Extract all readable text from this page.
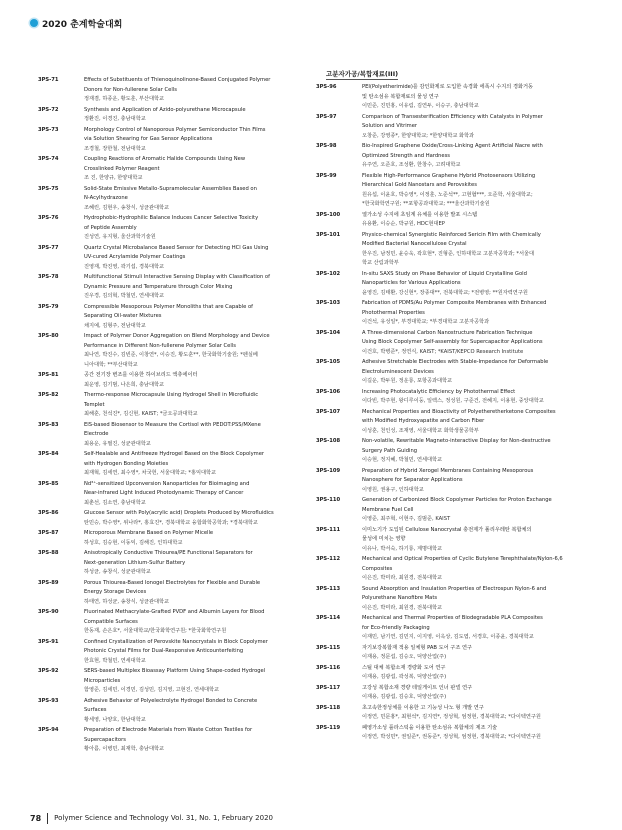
2020 춘계학술대회
3PS-71	Effects of Substituents of Thienoquinolinone-Based Conjugated Polymer
Donors for Non-fullerene Solar Cells
정재겸, 하종운, 황도훈, 부산대학교
3PS-72	Synthesis and Application of Azido-polyurethane Microcapsule
정환진, 이경진, 충남대학교
3PS-73	Morphology Control of Nanoporous Polymer Semiconductor Thin Films
via Solution Shearing for Gas Sensor Applications
조경철, 장한철, 전남대학교
3PS-74	Coupling Reactions of Aromatic Halide Compounds Using New
Crosslinked Polymer Reagent
조 진, 한양규, 한양대학교
3PS-75	Solid-State Emissive Metallo-Supramolecular Assemblies Based on
N-Acylhydrazone
조혜린, 김현우, 송창식, 성균관대학교
3PS-76	Hydrophobic-Hydrophilic Balance Induces Cancer Selective Toxicity
of Peptide Assembly
진성연, 유지형, 울산과학기술원
3PS-77	Quartz Crystal Microbalance Based Sensor for Detecting HCl Gas Using
UV-cured Acrylamide Polymer Coatings
진영재, 박진영, 곽기섭, 경북대학교
3PS-78	Multifunctional Stimuli Interactive Sensing Display with Classification of
Dynamic Pressure and Temperature through Color Mixing
진우경, 김의혁, 박철민, 연세대학교
3PS-79	Compressible Mesoporous Polymer Monoliths that are Capable of
Separating Oil-water Mixtures
채지예, 김형주, 전남대학교
3PS-80	Impact of Polymer Donor Aggregation on Blend Morphology and Device
Performance in Different Non-fullerene Polymer Solar Cells
최나연, 박진수, 김빈준, 이창연*, 이승진, 황도훈**, 한국화학기술원; *펜실베
니아대학; **부산대학교
3PS-81	공간 전기장 변조를 이용한 하이브리드 액츄에이터
최운영, 김기범, 나은희, 충남대학교
3PS-82	Thermo-response Microcapsule Using Hydrogel Shell in Microfluidic
Templet
최해훈, 천석진*, 김신현, KAIST; *금오공과대학교
3PS-83	EIS-based Biosensor to Measure the Cortisol with PEDOT:PSS/MXene
Electrode
최용운, 유필진, 성균관대학교
3PS-84	Self-Healable and Antifreeze Hydrogel Based on the Block Copolymer
with Hydrogen Bonding Moieties
최재혁, 김세연, 최수영*, 차국헌, 서울대학교; *홍익대학교
3PS-85	Nd³⁺-sensitized Upconversion Nanoparticles for Bioimaging and
Near-infrared Light Induced Photodynamic Therapy of Cancer
최춘선, 김소연, 충남대학교
3PS-86	Glucose Sensor with Poly(acrylic acid) Droplets Produced by Microfluidics
탄민승, 박수영*, 위나라*, 홍효진*, 경북대학교 융합화학공학과; *경북대학교
3PS-87	Microporous Membrane Based on Polymer Micelle
하성호, 김승현, 이동익, 김해진, 인하대학교
3PS-88	Anisotropically Conductive Thiourea/PE Functional Separators for
Next-generation Lithium-Sulfur Battery
하성균, 송창식, 성균관대학교
3PS-89	Porous Thiourea-Based Ionogel Electrolytes for Flexible and Durable
Energy Storage Devices
하태연, 하성균, 송창식, 성균관대학교
3PS-90	Fluorinated Methacrylate-Grafted PVDF and Albumin Layers for Blood
Compatible Surfaces
한동재, 손은호*, 서울대학교/한국화학연구원; *한국화학연구원
3PS-91	Confined Crystallization of Perovskite Nanocrystals in Block Copolymer
Photonic Crystal Films for Dual-Responsive Anticounterfeiting
한효현, 박철민, 연세대학교
3PS-92	SERS-based Multiplex Bioassay Platform Using Shape-coded Hydrogel
Microparticles
함영준, 김세민, 이경민, 김성민, 김지영, 고현진, 연세대학교
3PS-93	Adhesive Behavior of Polyelectrolyte Hydrogel Bonded to Concrete
Surfaces
황세영, 나양호, 한남대학교
3PS-94	Preparation of Electrode Materials from Waste Cotton Textiles for
Supercapacitors
황아름, 이병민, 최재학, 충남대학교
고분자가공/복합재료(III)
3PS-96	PEI(Polyetherimide)를 감인화제로 도입한 속경화 에폭시 수지의 경화거동
및 탄소섬유 복합재료의 물성 연구
이민준, 진민홍, 이유림, 김연두, 이승구, 충남대학교
3PS-97	Comparison of Transesterification Efficiency with Catalysts in Polymer
Solution and Vitrimer
오창준, 강영종*, 한양대학교; *한양대학교 화학과
3PS-98	Bio-Inspired Graphene Oxide/Cross-Linking Agent Artificial Nacre with
Optimized Strength and Hardness
유주연, 오준호, 조성환, 한창수, 고려대학교
3PS-99	Flexible High-Performance Graphene Hybrid Photosensors Utilizing
Hierarchical Gold Nanostars and Perovskites
원유섭, 이윤호, 박승영*, 이정훈, 노준석**, 고현협***, 오준학, 서울대학교;
*한국화학연구원; **포항공과대학교; ***울산과학기술원
3PS-100	열가소성 수지에 초임계 유체를 이용한 발포 시스템
유용환, 이승순, 박규원, HDC현대EP
3PS-101	Physico-chemical Synergistic Reinforced Sericin Film with Chemically
Modified Bacterial Nanocellulose Crystal
한우진, 남정민, 윤승욱, 곽호현*, 진형준, 인하대학교 고분자공학과; *서울대
학교 산림과학부
3PS-102	In-situ SAXS Study on Phase Behavior of Liquid Crystalline Gold
Nanoparticles for Various Applications
윤영진, 김태환, 강신현*, 장종대**, 전북대학교; *전병영; **원자력연구원
3PS-103	Fabrication of PDMS/Au Polymer Composite Membranes with Enhanced
Photothermal Properties
이건석, 유성일*, 부경대학교; *부경대학교 고분자공학과
3PS-104	A Three-dimensional Carbon Nanostructure Fabrication Technique
Using Block Copolymer Self-assembly for Supercapacitor Applications
이건호, 박병준*, 정연식, KAIST; *KAIST/KEPCO Research Institute
3PS-105	Adhesive Stretchable Electrodes with Stable-Impedance for Deformable
Electroluminescent Devices
이길운, 박두원, 정운룡, 포항공과대학교
3PS-106	Increasing Photocatalytic Efficiency by Photothermal Effect
이다빈, 박주현, 왕디루이둥, 일렉스, 정성원, 구준건, 전혜지, 이용현, 중앙대학교
3PS-107	Mechanical Properties and Bioactivity of Polyetheretherketone Composites
with Modified Hydroxyapatite and Carbon Fiber
이성훈, 천인성, 조재영, 서울대학교 화학생물공학부
3PS-108	Non-volatile, Rewritable Magneto-interactive Display for Non-destructive
Surgery Path Guiding
이승현, 정지혜, 박철민, 연세대학교
3PS-109	Preparation of Hybrid Xerogel Membranes Containing Mesoporous
Nanosphere for Separator Applications
이영원, 권용구, 인하대학교
3PS-110	Generation of Carbonized Block Copolymer Particles for Proton Exchange
Membrane Fuel Cell
이영준, 최주혁, 이현주, 김범준, KAIST
3PS-111	이미노기가 도입된 Cellulose Nanocrystal 충전제가 폴리우레탄 복합체의
물성에 미치는 영향
이유나, 박서숙, 하기룡, 계명대학교
3PS-112	Mechanical and Optical Properties of Cyclic Butylene Terephthalate/Nylon-6,6
Composites
이은진, 박미라, 최원경, 전북대학교
3PS-113	Sound Absorption and Insulation Properties of Electrospun Nylon-6 and
Polyurethane Nanofibre Mats
이은진, 박미라, 최원경, 전북대학교
3PS-114	Mechanical and Thermal Properties of Biodegradable PLA Composites
for Eco-friendly Packaging
이재민, 남기연, 김민지, 이지영, 이옥상, 김도엽, 서경호, 이종윤, 경북대학교
3PS-115	자기보강복합재 적용 일체형 PAB 도어 구조 연구
이재용, 정문섭, 김승오, 덕양산업(주)
3PS-116	스틸 대체 복합소재 경량화 도어 연구
이재용, 김광섭, 곽성복, 덕양산업(주)
3PS-117	고강성 복합소재 경량 테일게이트 인너 판넬 연구
이재용, 김광섭, 김승호, 덕양산업(주)
3PS-118	초고속한정성체를 이용한 고 기능성 나노 형 개발 연구
이정연, 민문홍*, 최현석*, 김지연*, 정성혁, 엄정현, 경북대학교; *다이텍연구원
3PS-119	폐영가소성 플라스틱을 이용한 탄소섬유 복합체의 제조 기술
이정연, 박성민*, 권일준*, 권동준*, 정성혁, 엄정현, 경북대학교; *다이텍연구원
78 Polymer Science and Technology Vol. 31, No. 1, February 2020
